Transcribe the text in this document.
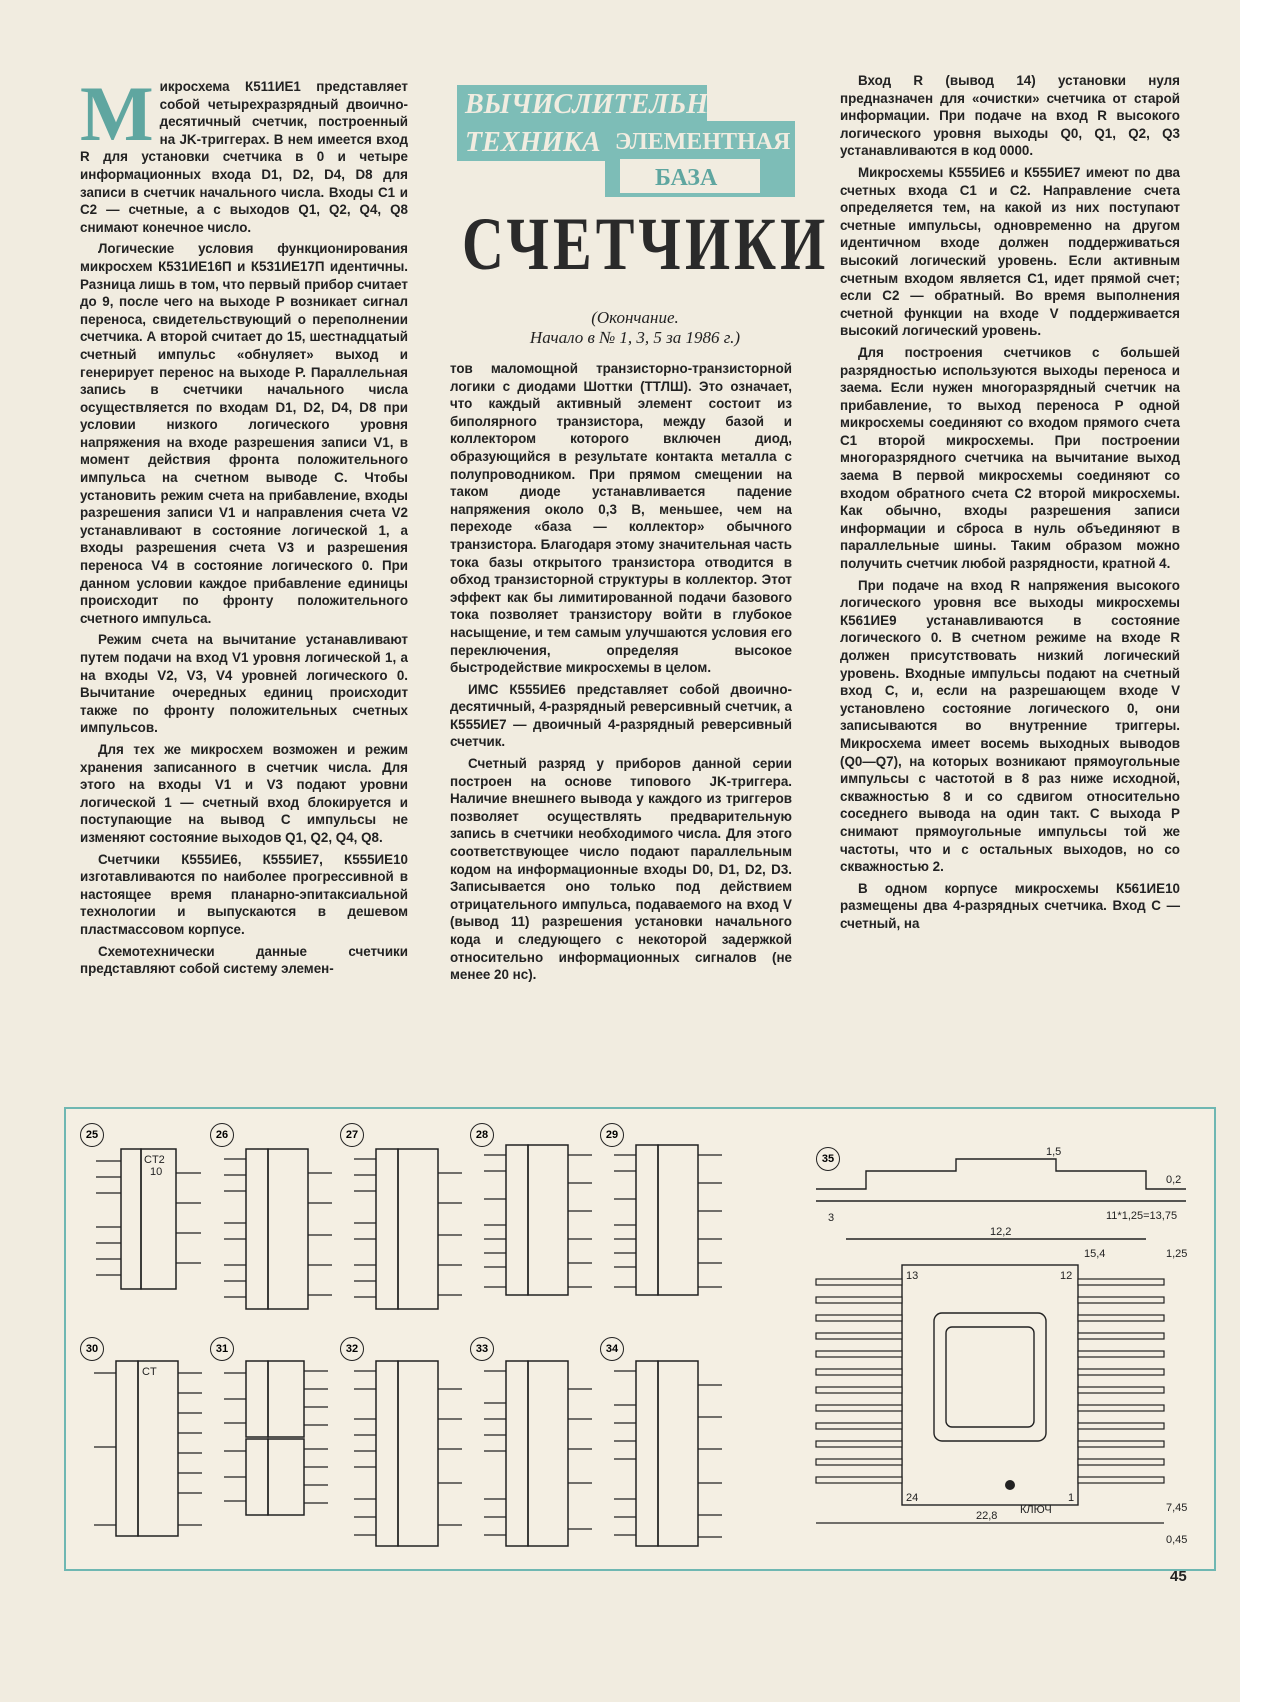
ВЫЧИСЛИТЕЛЬНАЯ
ТЕХНИКА ЭЛЕМЕНТНАЯ
БАЗА
СЧЕТЧИКИ
(Окончание.
Начало в № 1, 3, 5 за 1986 г.)

Микросхема К511ИЕ1 представляет собой четырехразрядный двоично-десятичный счетчик, построенный на JK-триггерах. В нем имеется вход R для установки счетчика в 0 и четыре информационных входа D1, D2, D4, D8 для записи в счетчик начального числа. Входы C1 и C2 — счетные, а с выходов Q1, Q2, Q4, Q8 снимают конечное число.

Логические условия функционирования микросхем К531ИЕ16П и К531ИЕ17П идентичны. Разница лишь в том, что первый прибор считает до 9, после чего на выходе P возникает сигнал переноса, свидетельствующий о переполнении счетчика. А второй считает до 15, шестнадцатый счетный импульс «обнуляет» выход и генерирует перенос на выходе P. Параллельная запись в счетчики начального числа осуществляется по входам D1, D2, D4, D8 при условии низкого логического уровня напряжения на входе разрешения записи V1, в момент действия фронта положительного импульса на счетном выводе C. Чтобы установить режим счета на прибавление, входы разрешения записи V1 и направления счета V2 устанавливают в состояние логической 1, а входы разрешения счета V3 и разрешения переноса V4 в состояние логического 0. При данном условии каждое прибавление единицы происходит по фронту положительного счетного импульса.

Режим счета на вычитание устанавливают путем подачи на вход V1 уровня логической 1, а на входы V2, V3, V4 уровней логического 0. Вычитание очередных единиц происходит также по фронту положительных счетных импульсов.

Для тех же микросхем возможен и режим хранения записанного в счетчик числа. Для этого на входы V1 и V3 подают уровни логической 1 — счетный вход блокируется и поступающие на вывод C импульсы не изменяют состояние выходов Q1, Q2, Q4, Q8.

Счетчики К555ИЕ6, К555ИЕ7, К555ИЕ10 изготавливаются по наиболее прогрессивной в настоящее время планарно-эпитаксиальной технологии и выпускаются в дешевом пластмассовом корпусе.

Схемотехнически данные счетчики представляют собой систему элемен-

тов маломощной транзисторно-транзисторной логики с диодами Шоттки (ТТЛШ). Это означает, что каждый активный элемент состоит из биполярного транзистора, между базой и коллектором которого включен диод, образующийся в результате контакта металла с полупроводником. При прямом смещении на таком диоде устанавливается падение напряжения около 0,3 В, меньшее, чем на переходе «база — коллектор» обычного транзистора. Благодаря этому значительная часть тока базы открытого транзистора отводится в обход транзисторной структуры в коллектор. Этот эффект как бы лимитированной подачи базового тока позволяет транзистору войти в глубокое насыщение, и тем самым улучшаются условия его переключения, определяя высокое быстродействие микросхемы в целом.

ИМС К555ИЕ6 представляет собой двоично-десятичный, 4-разрядный реверсивный счетчик, а К555ИЕ7 — двоичный 4-разрядный реверсивный счетчик.

Счетный разряд у приборов данной серии построен на основе типового JK-триггера. Наличие внешнего вывода у каждого из триггеров позволяет осуществлять предварительную запись в счетчики необходимого числа. Для этого соответствующее число подают параллельным кодом на информационные входы D0, D1, D2, D3. Записывается оно только под действием отрицательного импульса, подаваемого на вход V (вывод 11) разрешения установки начального кода и следующего с некоторой задержкой относительно информационных сигналов (не менее 20 нс).

Вход R (вывод 14) установки нуля предназначен для «очистки» счетчика от старой информации. При подаче на вход R высокого логического уровня выходы Q0, Q1, Q2, Q3 устанавливаются в код 0000.

Микросхемы К555ИЕ6 и К555ИЕ7 имеют по два счетных входа C1 и C2. Направление счета определяется тем, на какой из них поступают счетные импульсы, одновременно на другом идентичном входе должен поддерживаться высокий логический уровень. Если активным счетным входом является C1, идет прямой счет; если C2 — обратный. Во время выполнения счетной функции на входе V поддерживается высокий логический уровень.

Для построения счетчиков с большей разрядностью используются выходы переноса и заема. Если нужен многоразрядный счетчик на прибавление, то выход переноса P одной микросхемы соединяют со входом прямого счета C1 второй микросхемы. При построении многоразрядного счетчика на вычитание выход заема B первой микросхемы соединяют со входом обратного счета C2 второй микросхемы. Как обычно, входы разрешения записи информации и сброса в нуль объединяют в параллельные шины. Таким образом можно получить счетчик любой разрядности, кратной 4.

При подаче на вход R напряжения высокого логического уровня все выходы микросхемы К561ИЕ9 устанавливаются в состояние логического 0. В счетном режиме на входе R должен присутствовать низкий логический уровень. Входные импульсы подают на счетный вход C, и, если на разрешающем входе V установлено состояние логического 0, они записываются во внутренние триггеры. Микросхема имеет восемь выходных выводов (Q0—Q7), на которых возникают прямоугольные импульсы с частотой в 8 раз ниже исходной, скважностью 8 и со сдвигом относительно соседнего вывода на один такт. С выхода P снимают прямоугольные импульсы той же частоты, что и с остальных выходов, но со скважностью 2.

В одном корпусе микросхемы К561ИЕ10 размещены два 4-разрядных счетчика. Вход C — счетный, на

25
CT2
10
26	27	28	29
30
CT
31	32	33	34
35
12,2
22,8
1,5
0,2
3
15,4	1,25
11*1,25=13,75
7,45
0,45
13	12
24	1
КЛЮЧ
45
